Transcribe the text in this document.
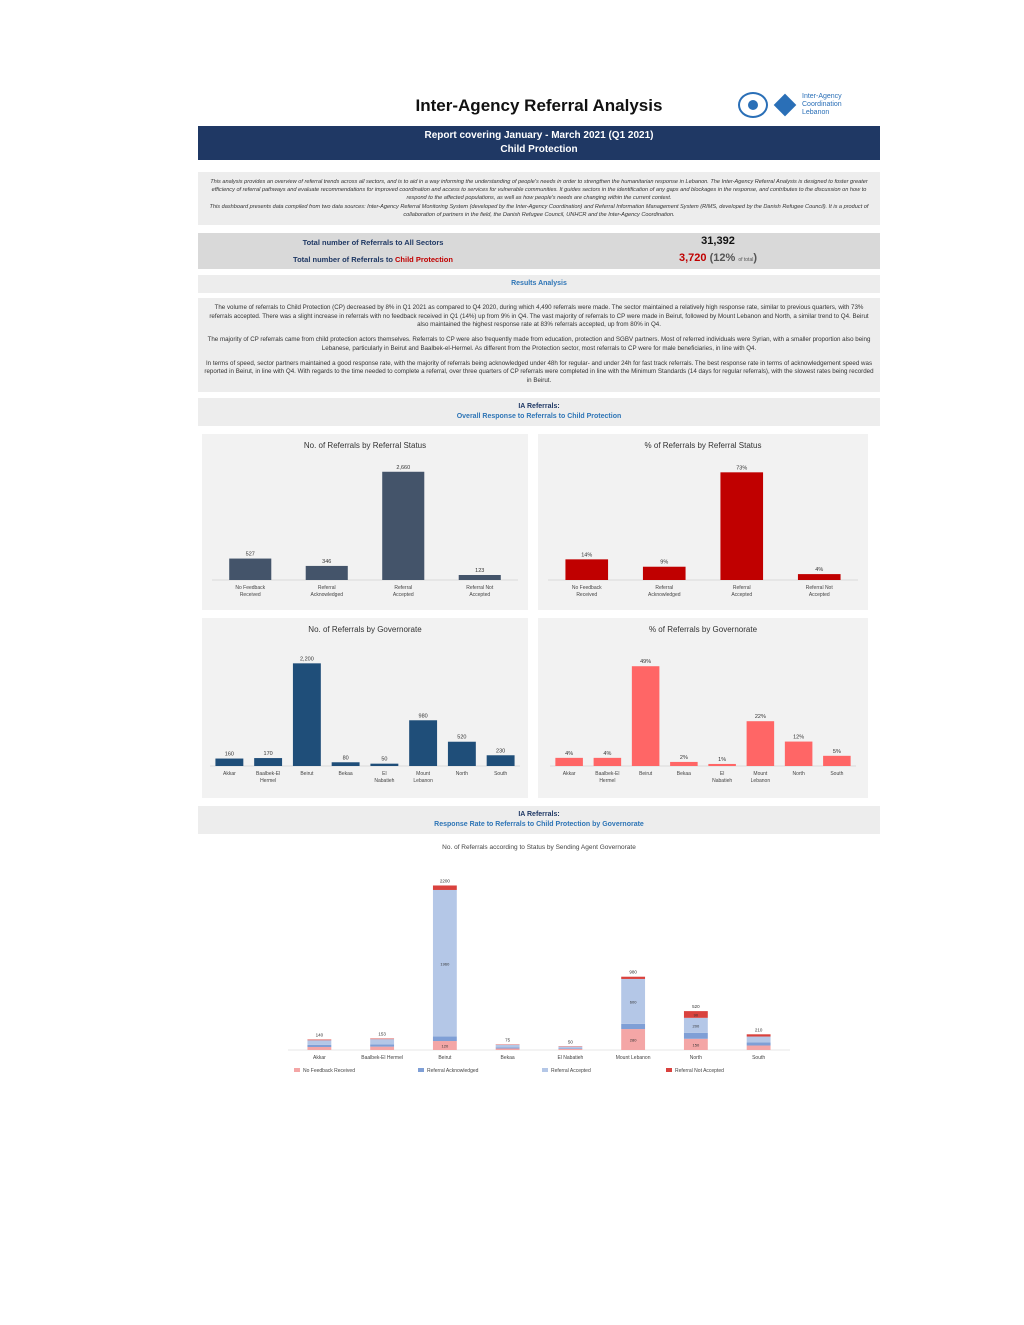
Inter-Agency Referral Analysis	Inter-Agency Coordination Lebanon
Report covering January - March 2021 (Q1 2021)
Child Protection
This analysis provides an overview of referral trends across all sectors, and is to aid in a way informing the understanding of people's needs in order to strengthen the humanitarian response in Lebanon. The Inter-Agency Referral Analysis is designed to foster greater efficiency of referral pathways and evaluate recommendations for improved coordination and access to services for vulnerable communities. It guides sectors in the identification of any gaps and blockages in the response, and contributes to the discussion on how to respond to the affected populations, as well as how people's needs are changing within the current context.
This dashboard presents data compiled from two data sources: Inter-Agency Referral Monitoring System (developed by the Inter-Agency Coordination) and Referral Information Management System (RIMS, developed by the Danish Refugee Council). It is a product of collaboration of partners in the field, the Danish Refugee Council, UNHCR and the Inter-Agency Coordination.
Total number of Referrals to All Sectors
Total number of Referrals to Child Protection
31,392
3,720 (12% of total)
Results Analysis

The volume of referrals to Child Protection (CP) decreased by 8% in Q1 2021 as compared to Q4 2020, during which 4,490 referrals were made. The sector maintained a relatively high response rate, similar to previous quarters, with 73% referrals accepted. There was a slight increase in referrals with no feedback received in Q1 (14%) up from 9% in Q4. The vast majority of referrals to CP were made in Beirut, followed by Mount Lebanon and North, a similar trend to Q4. Beirut also maintained the highest response rate at 83% referrals accepted, up from 80% in Q4.

The majority of CP referrals came from child protection actors themselves. Referrals to CP were also frequently made from education, protection and SGBV partners. Most of referred individuals were Syrian, with a smaller proportion also being Lebanese, particularly in Beirut and Baalbek-el-Hermel. As different from the Protection sector, most referrals to CP were for male beneficiaries, in line with Q4.

In terms of speed, sector partners maintained a good response rate, with the majority of referrals being acknowledged under 48h for regular- and under 24h for fast track referrals. The best response rate in terms of acknowledgement speed was reported in Beirut, in line with Q4. With regards to the time needed to complete a referral, over three quarters of CP referrals were completed in line with the Minimum Standards (14 days for regular referrals), with the slowest rates being recorded in Beirut.

IA Referrals:
Overall Response to Referrals to Child Protection
No. of Referrals by Referral Status
527
No Feedback Received
346
Referral Acknowledged
2,660
Referral Accepted
123
Referral Not Accepted
% of Referrals by Referral Status
14%
No Feedback Received
9%
Referral Acknowledged
73%
Referral Accepted
4%
Referral Not Accepted
No. of Referrals by Governorate
160
Akkar
170
Baalbek-El Hermel
2,200
Beirut
80
Bekaa
50
El Nabatieh
980
Mount Lebanon
520
North
230
South
% of Referrals by Governorate
4%
Akkar
4%
Baalbek-El Hermel
49%
Beirut
2%
Bekaa
1%
El Nabatieh
22%
Mount Lebanon
12%
North
5%
South
IA Referrals:
Response Rate to Referrals to Child Protection by Governorate
No. of Referrals according to Status by Sending Agent Governorate
140
Akkar
153
Baalbek-El Hermel
120
1960
2200
Beirut
75
Bekaa
50
El Nabatieh
280
600
980
Mount Lebanon
150
200
90
520
North
210
South
No Feedback Received	Referral Acknowledged	Referral Accepted	Referral Not Accepted
